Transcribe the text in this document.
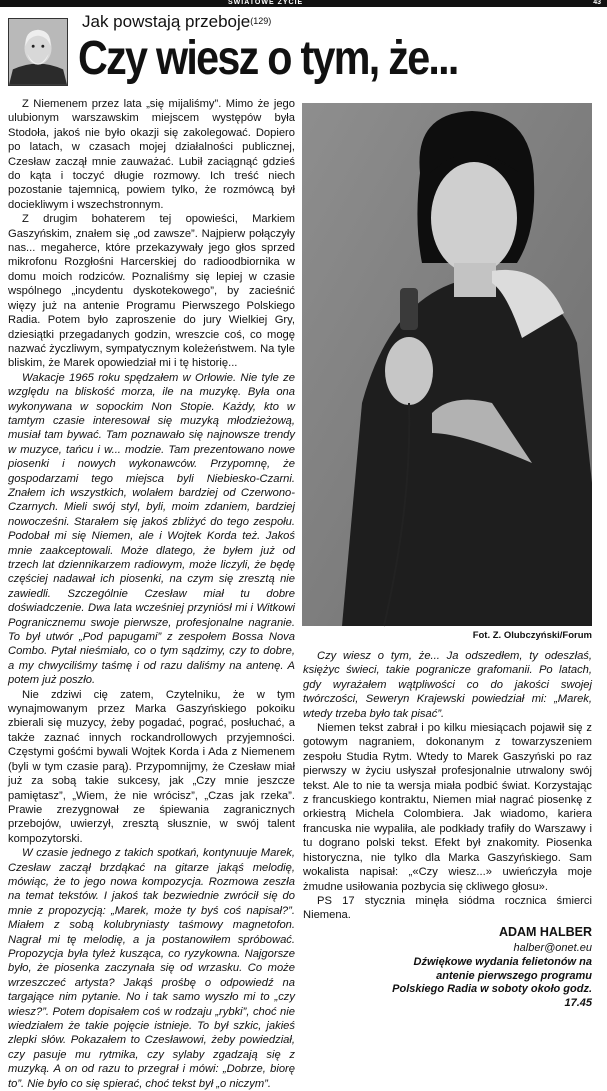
ŚWIATOWE ŻYCIE	43
Jak powstają przeboje$^{(129)}$
Czy wiesz o tym, że...

Z Niemenem przez lata „się mijaliśmy”. Mimo że jego ulubionym warszawskim miejscem występów była Stodoła, jakoś nie było okazji się zakolegować. Dopiero po latach, w czasach mojej działalności publicznej, Czesław zaczął mnie zauważać. Lubił zaciągnąć gdzieś do kąta i toczyć długie rozmowy. Ich treść niech pozostanie tajemnicą, powiem tylko, że rozmówcą był dociekliwym i wszechstronnym.

Z drugim bohaterem tej opowieści, Markiem Gaszyńskim, znałem się „od zawsze”. Najpierw połączyły nas... megaherce, które przekazywały jego głos sprzed mikrofonu Rozgłośni Harcerskiej do radioodbiornika w domu moich rodziców. Poznaliśmy się lepiej w czasie wspólnego „incydentu dyskotekowego”, by zacieśnić więzy już na antenie Programu Pierwszego Polskiego Radia. Potem było zaproszenie do jury Wielkiej Gry, dziesiątki przegadanych godzin, wreszcie coś, co mogę nazwać życzliwym, sympatycznym koleżeństwem. Na tyle bliskim, że Marek opowiedział mi i tę historię...

Wakacje 1965 roku spędzałem w Orłowie. Nie tyle ze względu na bliskość morza, ile na muzykę. Była ona wykonywana w sopockim Non Stopie. Każdy, kto w tamtym czasie interesował się muzyką młodzieżową, musiał tam bywać. Tam poznawało się najnowsze trendy w muzyce, tańcu i w... modzie. Tam prezentowano nowe piosenki i nowych wykonawców. Przypomnę, że gospodarzami tego miejsca byli Niebiesko-Czarni. Znałem ich wszystkich, wolałem bardziej od Czerwono-Czarnych. Mieli swój styl, byli, moim zdaniem, bardziej nowocześni. Starałem się jakoś zbliżyć do tego zespołu. Podobał mi się Niemen, ale i Wojtek Korda też. Jakoś mnie zaakceptowali. Może dlatego, że byłem już od trzech lat dziennikarzem radiowym, może liczyli, że będę częściej nadawał ich piosenki, na czym się zresztą nie zawiedli. Szczególnie Czesław miał tu dobre doświadczenie. Dwa lata wcześniej przyniósł mi i Witkowi Pogranicznemu swoje pierwsze, profesjonalne nagranie. To był utwór „Pod papugami” z zespołem Bossa Nova Combo. Pytał nieśmiało, co o tym sądzimy, czy to dobre, a my chwyciliśmy taśmę i od razu daliśmy na antenę. A potem już poszło.

Nie zdziwi cię zatem, Czytelniku, że w tym wynajmowanym przez Marka Gaszyńskiego pokoiku zbierali się muzycy, żeby pogadać, pograć, posłuchać, a także zaznać innych rockandrollowych przyjemności. Częstymi gośćmi bywali Wojtek Korda i Ada z Niemenem (byli w tym czasie parą). Przypomnijmy, że Czesław miał już za sobą takie sukcesy, jak „Czy mnie jeszcze pamiętasz”, „Wiem, że nie wrócisz”, „Czas jak rzeka”. Prawie zrezygnował ze śpiewania zagranicznych przebojów, uwierzył, zresztą słusznie, w swój talent kompozytorski.

W czasie jednego z takich spotkań, kontynuuje Marek, Czesław zaczął brzdąkać na gitarze jakąś melodię, mówiąc, że to jego nowa kompozycja. Rozmowa zeszła na temat tekstów. I jakoś tak bezwiednie zwrócił się do mnie z propozycją: „Marek, może ty byś coś napisał?”. Miałem z sobą kolubryniasty taśmowy magnetofon. Nagrał mi tę melodię, a ja postanowiłem spróbować. Propozycja była tyleż kusząca, co ryzykowna. Najgorsze było, że piosenka zaczynała się od wrzasku. Co może wrzeszczeć artysta? Jakąś prośbę o odpowiedź na targające nim pytanie. No i tak samo wyszło mi to „czy wiesz?”. Potem dopisałem coś w rodzaju „rybki”, choć nie wiedziałem że takie pojęcie istnieje. To był szkic, jakieś zlepki słów. Pokazałem to Czesławowi, żeby powiedział, czy pasuje mu rytmika, czy sylaby zgadzają się z muzyką. A on od razu to przegrał i mówi: „Dobrze, biorę to”. Nie było co się spierać, choć tekst był „o niczym”.

Fot. Z. Olubczyński/Forum

Czy wiesz o tym, że... Ja odszedłem, ty odeszłaś, księżyc świeci, takie pogranicze grafomanii. Po latach, gdy wyrażałem wątpliwości co do jakości swojej twórczości, Seweryn Krajewski powiedział mi: „Marek, wtedy trzeba było tak pisać”.

Niemen tekst zabrał i po kilku miesiącach pojawił się z gotowym nagraniem, dokonanym z towarzyszeniem zespołu Studia Rytm. Wtedy to Marek Gaszyński po raz pierwszy w życiu usłyszał profesjonalnie utrwalony swój tekst. Ale to nie ta wersja miała podbić świat. Korzystając z francuskiego kontraktu, Niemen miał nagrać piosenkę z orkiestrą Michela Colombiera. Jak wiadomo, kariera francuska nie wypaliła, ale podkłady trafiły do Warszawy i tu dograno polski tekst. Efekt był znakomity. Piosenka historyczna, nie tylko dla Marka Gaszyńskiego. Sam wokalista napisał: „«Czy wiesz...» uwieńczyła moje żmudne usiłowania pozbycia się ckliwego głosu».

PS 17 stycznia minęła siódma rocznica śmierci Niemena.

ADAM HALBER
halber@onet.eu
Dźwiękowe wydania felietonów na antenie pierwszego programu Polskiego Radia w soboty około godz. 17.45
